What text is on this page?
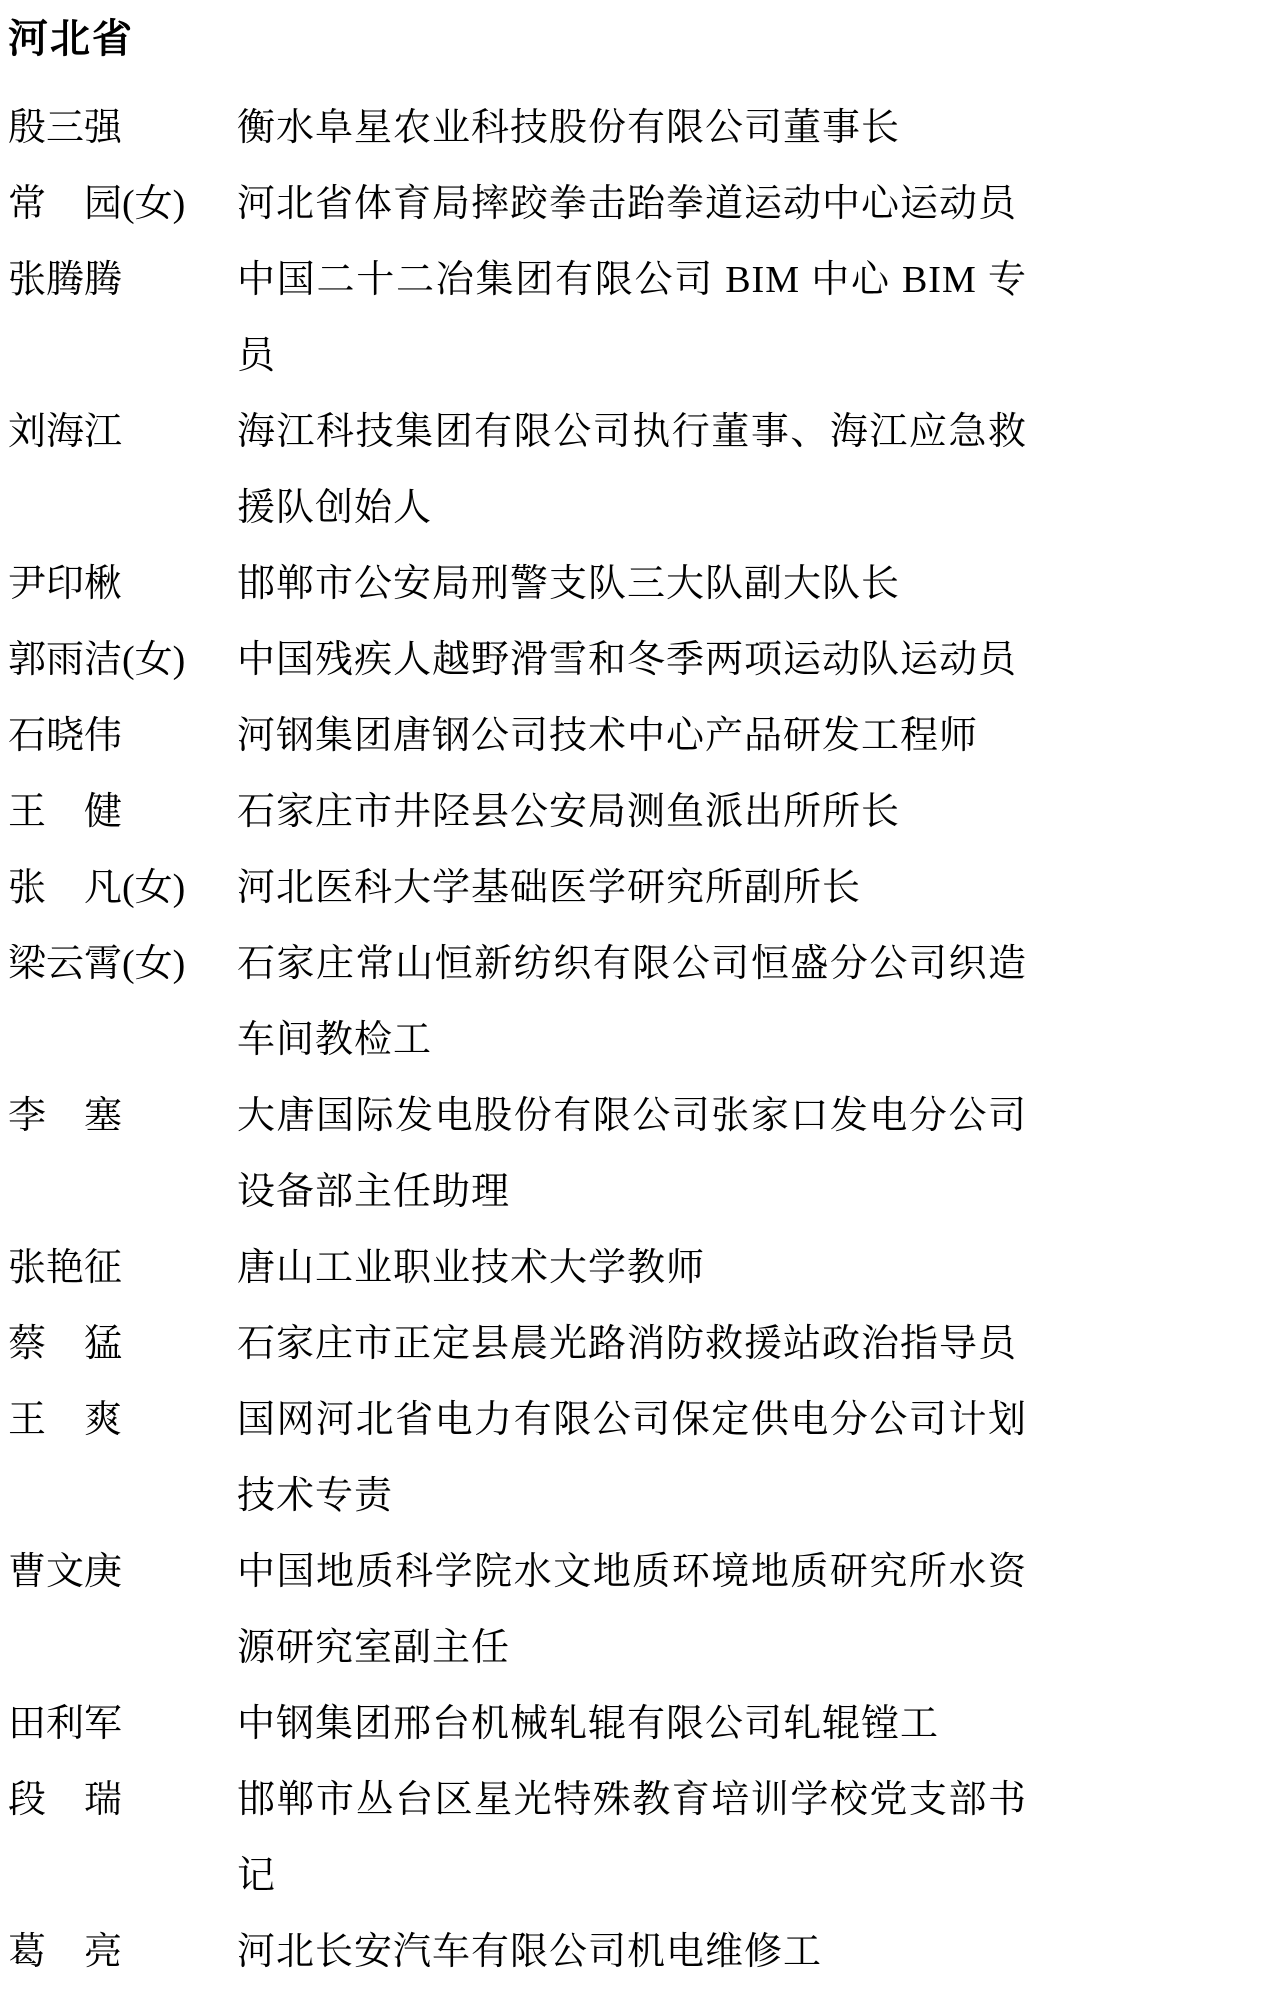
河北省
殷三强	衡水阜星农业科技股份有限公司董事长
常　园(女)	河北省体育局摔跤拳击跆拳道运动中心运动员
张腾腾	中国二十二冶集团有限公司 BIM 中心 BIM 专员
刘海江	海江科技集团有限公司执行董事、海江应急救援队创始人
尹印楸	邯郸市公安局刑警支队三大队副大队长
郭雨洁(女)	中国残疾人越野滑雪和冬季两项运动队运动员
石晓伟	河钢集团唐钢公司技术中心产品研发工程师
王　健	石家庄市井陉县公安局测鱼派出所所长
张　凡(女)	河北医科大学基础医学研究所副所长
梁云霄(女)	石家庄常山恒新纺织有限公司恒盛分公司织造车间教检工
李　塞	大唐国际发电股份有限公司张家口发电分公司设备部主任助理
张艳征	唐山工业职业技术大学教师
蔡　猛	石家庄市正定县晨光路消防救援站政治指导员
王　爽	国网河北省电力有限公司保定供电分公司计划技术专责
曹文庚	中国地质科学院水文地质环境地质研究所水资源研究室副主任
田利军	中钢集团邢台机械轧辊有限公司轧辊镗工
段　瑞	邯郸市丛台区星光特殊教育培训学校党支部书记
葛　亮	河北长安汽车有限公司机电维修工
